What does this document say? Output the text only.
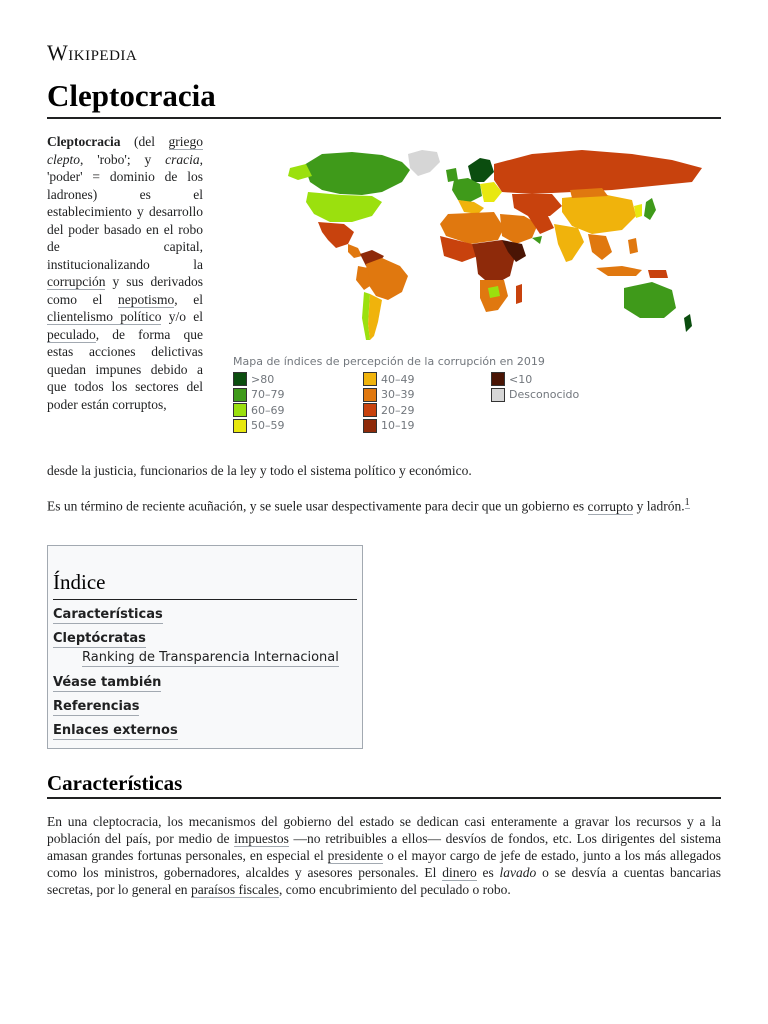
Wikipedia
Cleptocracia

Cleptocracia (del griego clepto, 'robo'; y cracia, 'poder' = dominio de los ladrones) es el establecimiento y desarrollo del poder basado en el robo de capital, institucionalizando la corrupción y sus derivados como el nepotismo, el clientelismo político y/o el peculado, de forma que estas acciones delictivas quedan impunes debido a que todos los sectores del poder están corruptos,

desde la justicia, funcionarios de la ley y todo el sistema político y económico.

Mapa de índices de percepción de la corrupción en 2019
>80
70–79
60–69
50–59
40–49
30–39
20–29
10–19
<10
Desconocido

Es un término de reciente acuñación, y se suele usar despectivamente para decir que un gobierno es corrupto y ladrón.$^1$

Índice
Características
Cleptócratas
Ranking de Transparencia Internacional
Véase también
Referencias
Enlaces externos
Características

En una cleptocracia, los mecanismos del gobierno del estado se dedican casi enteramente a gravar los recursos y a la población del país, por medio de impuestos —no retribuibles a ellos— desvíos de fondos, etc. Los dirigentes del sistema amasan grandes fortunas personales, en especial el presidente o el mayor cargo de jefe de estado, junto a los más allegados como los ministros, gobernadores, alcaldes y asesores personales. El dinero es lavado o se desvía a cuentas bancarias secretas, por lo general en paraísos fiscales, como encubrimiento del peculado o robo.
